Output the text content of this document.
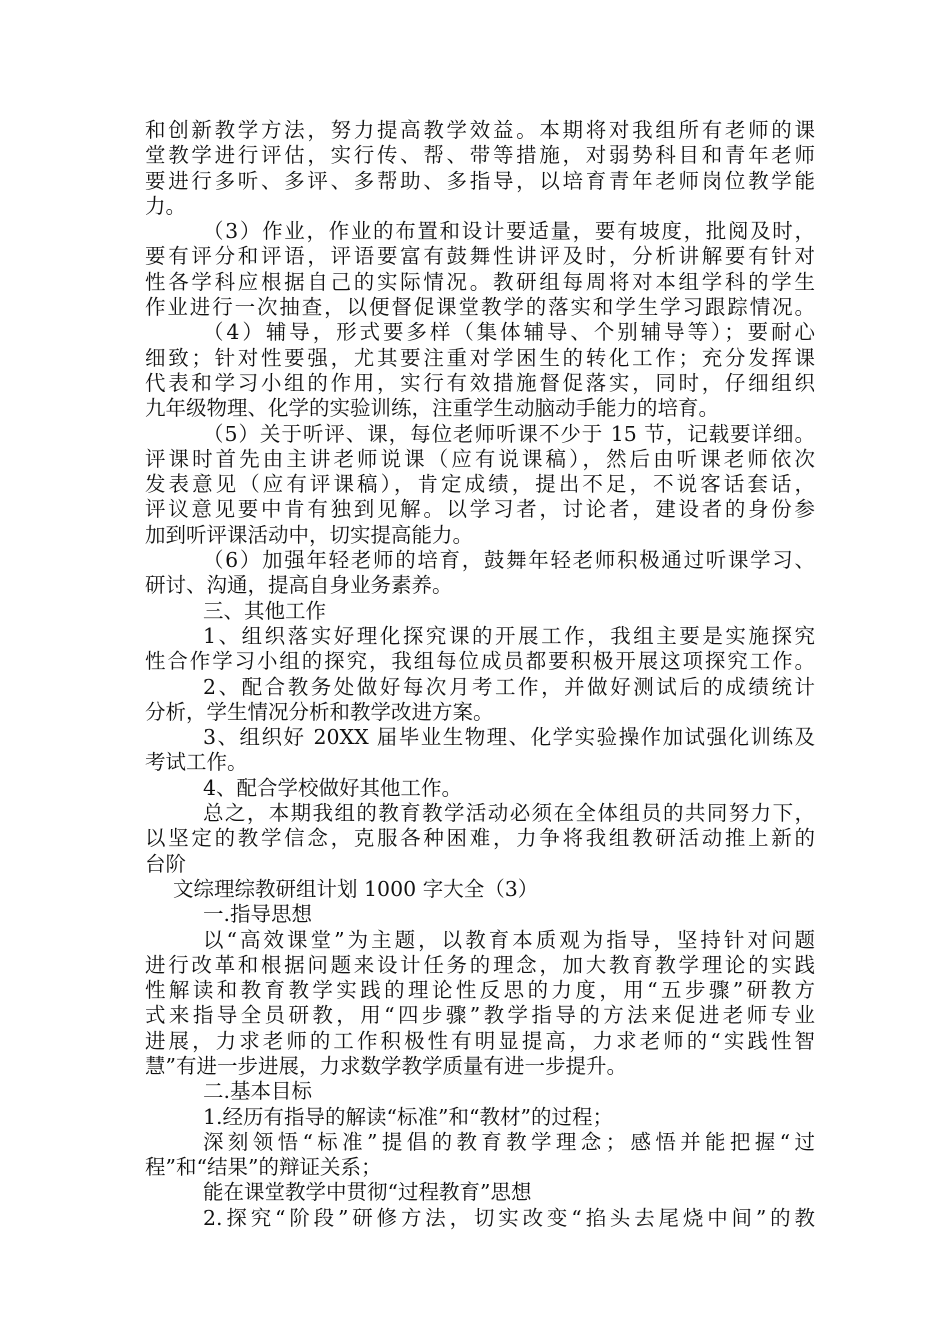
和创新教学方法，努力提高教学效益。本期将对我组所有老师的课
堂教学进行评估，实行传、帮、带等措施，对弱势科目和青年老师
要进行多听、多评、多帮助、多指导，以培育青年老师岗位教学能
力。
（3）作业，作业的布置和设计要适量，要有坡度，批阅及时，
要有评分和评语，评语要富有鼓舞性讲评及时，分析讲解要有针对
性各学科应根据自己的实际情况。教研组每周将对本组学科的学生
作业进行一次抽查，以便督促课堂教学的落实和学生学习跟踪情况。
（4）辅导，形式要多样（集体辅导、个别辅导等）；要耐心
细致；针对性要强，尤其要注重对学困生的转化工作；充分发挥课
代表和学习小组的作用，实行有效措施督促落实，同时，仔细组织
九年级物理、化学的实验训练，注重学生动脑动手能力的培育。
（5）关于听评、课，每位老师听课不少于 15 节，记载要详细。
评课时首先由主讲老师说课（应有说课稿），然后由听课老师依次
发表意见（应有评课稿），肯定成绩，提出不足，不说客话套话，
评议意见要中肯有独到见解。以学习者，讨论者，建设者的身份参
加到听评课活动中，切实提高能力。
（6）加强年轻老师的培育，鼓舞年轻老师积极通过听课学习、
研讨、沟通，提高自身业务素养。
三、其他工作
1、组织落实好理化探究课的开展工作，我组主要是实施探究
性合作学习小组的探究，我组每位成员都要积极开展这项探究工作。
2、配合教务处做好每次月考工作，并做好测试后的成绩统计
分析，学生情况分析和教学改进方案。
3、组织好 20XX 届毕业生物理、化学实验操作加试强化训练及
考试工作。
4、配合学校做好其他工作。
总之，本期我组的教育教学活动必须在全体组员的共同努力下，
以坚定的教学信念，克服各种困难，力争将我组教研活动推上新的
台阶
文综理综教研组计划 1000 字大全（3）
一.指导思想
以“高效课堂”为主题，以教育本质观为指导，坚持针对问题
进行改革和根据问题来设计任务的理念，加大教育教学理论的实践
性解读和教育教学实践的理论性反思的力度，用“五步骤”研教方
式来指导全员研教，用“四步骤”教学指导的方法来促进老师专业
进展，力求老师的工作积极性有明显提高，力求老师的“实践性智
慧”有进一步进展，力求数学教学质量有进一步提升。
二.基本目标
1.经历有指导的解读“标准”和“教材”的过程；
深刻领悟“标准”提倡的教育教学理念；感悟并能把握“过
程”和“结果”的辩证关系；
能在课堂教学中贯彻“过程教育”思想
2.探究“阶段”研修方法，切实改变“掐头去尾烧中间”的教
